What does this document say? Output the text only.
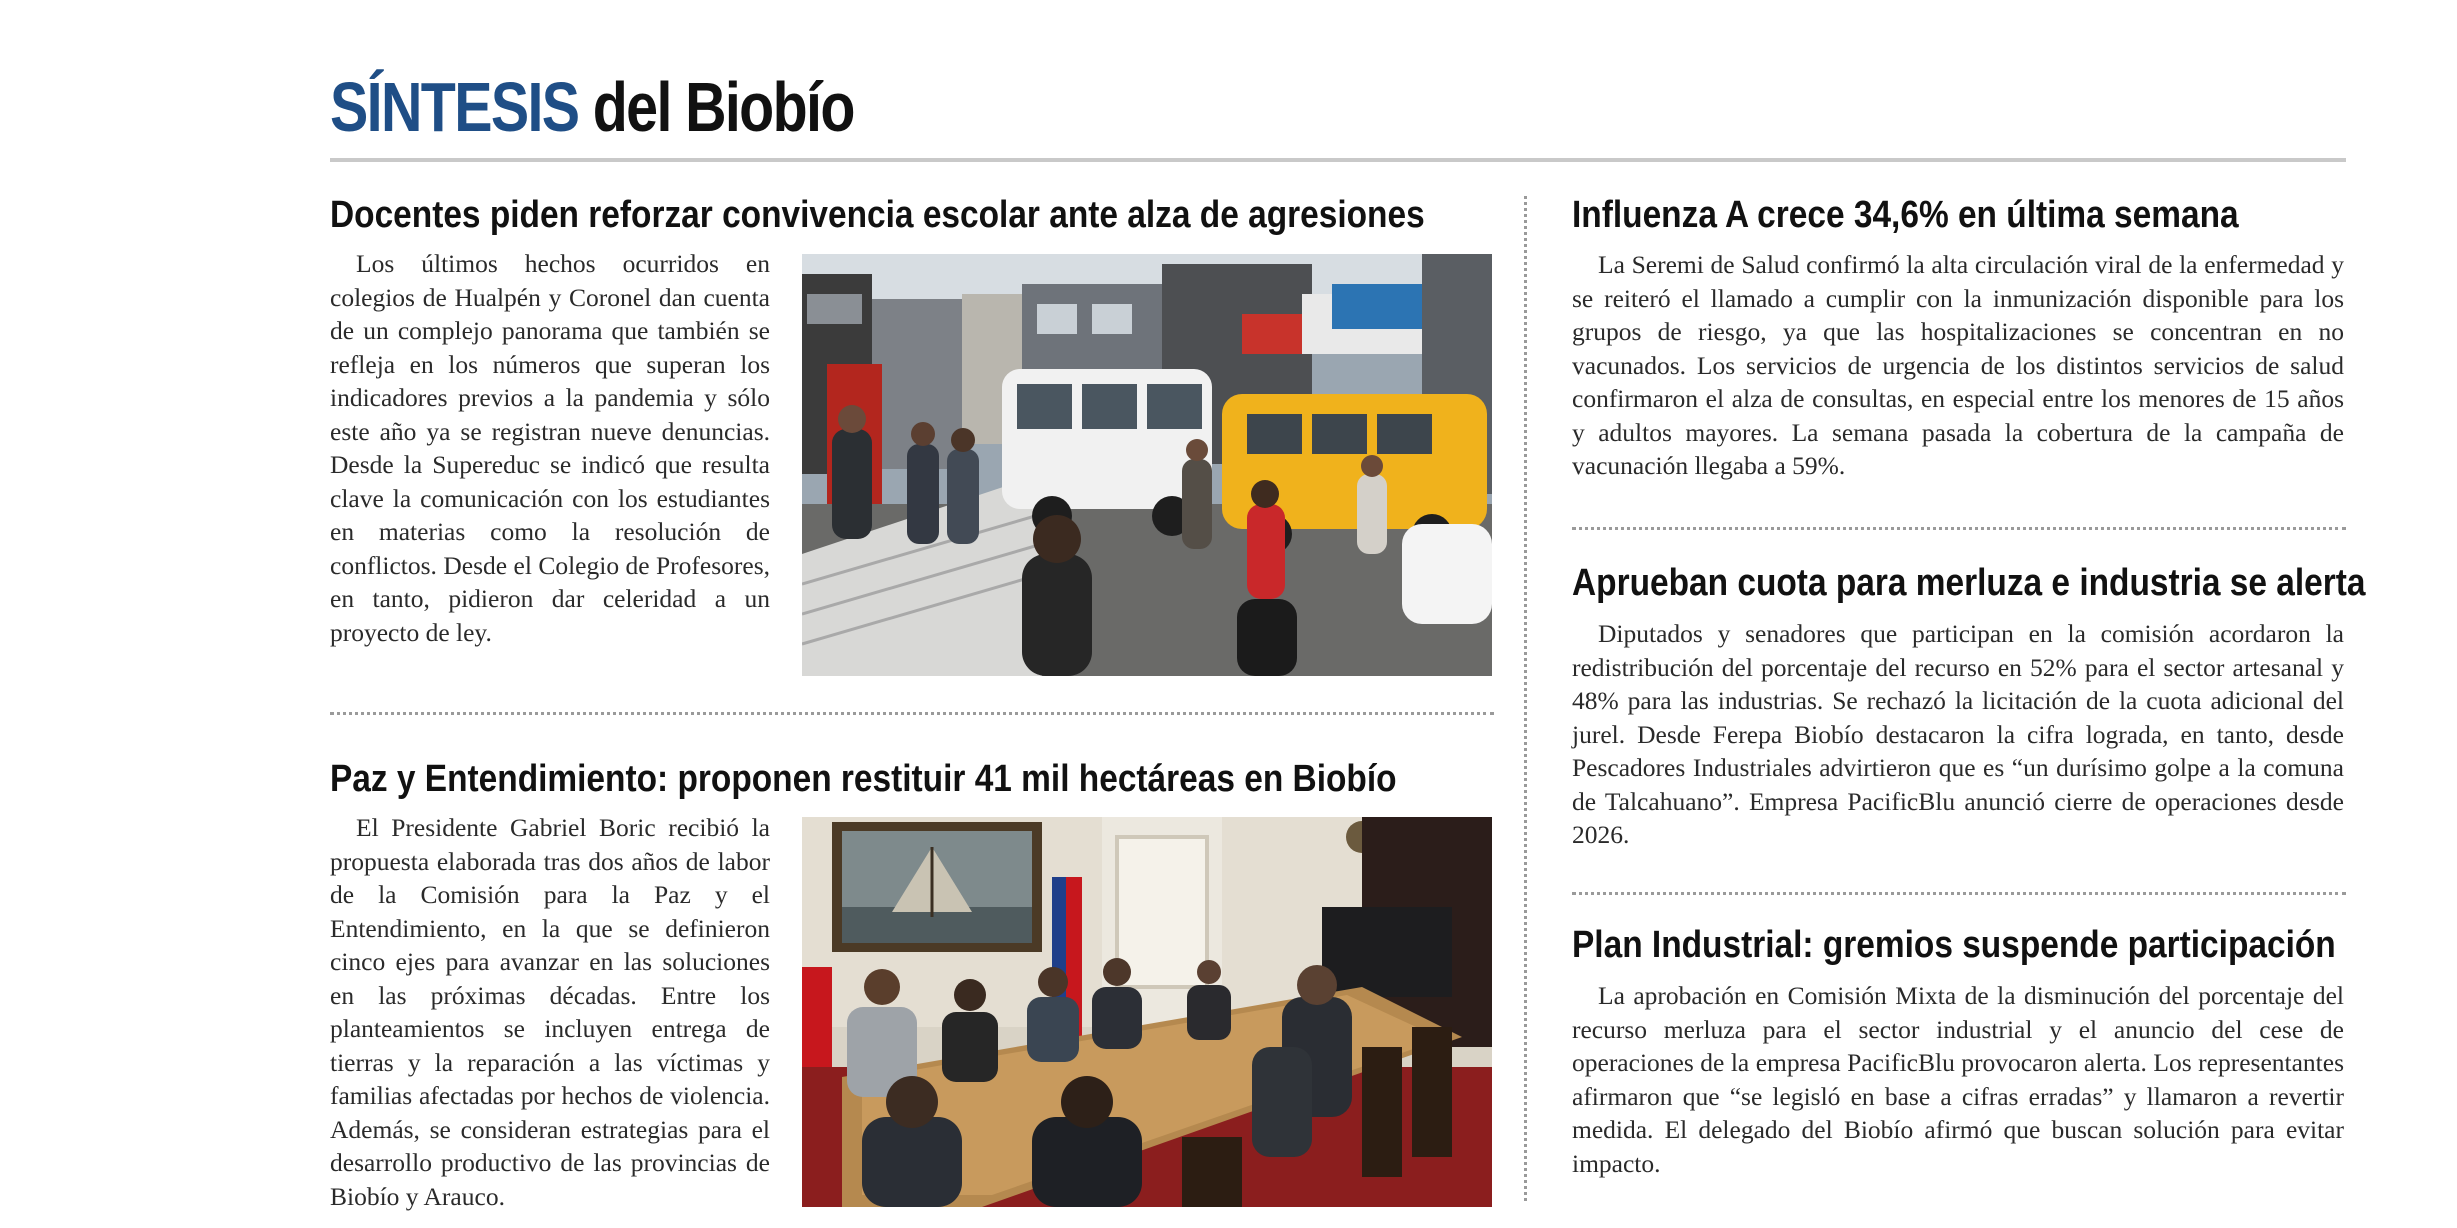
SÍNTESIS del Biobío
Docentes piden reforzar convivencia escolar ante alza de agresiones

Los últimos hechos ocurridos en colegios de Hualpén y Coronel dan cuenta de un complejo panorama que también se refleja en los números que superan los indicadores previos a la pandemia y sólo este año ya se registran nueve denuncias. Desde la Supereduc se indicó que resulta clave la comunicación con los estudiantes en materias como la resolución de conflictos. Desde el Colegio de Profesores, en tanto, pidieron dar celeridad a un proyecto de ley.

Paz y Entendimiento: proponen restituir 41 mil hectáreas en Biobío

El Presidente Gabriel Boric recibió la propuesta elaborada tras dos años de labor de la Comisión para la Paz y el Entendimiento, en la que se definieron cinco ejes para avanzar en las soluciones en las próximas décadas. Entre los planteamientos se incluyen entrega de tierras y la reparación a las víctimas y familias afectadas por hechos de violencia. Además, se consideran estrategias para el desarrollo productivo de las provincias de Biobío y Arauco.

Influenza A crece 34,6% en última semana

La Seremi de Salud confirmó la alta circulación viral de la enfermedad y se reiteró el llamado a cumplir con la inmunización disponible para los grupos de riesgo, ya que las hospitalizaciones se concentran en no vacunados. Los servicios de urgencia de los distintos servicios de salud confirmaron el alza de consultas, en especial entre los menores de 15 años y adultos mayores. La semana pasada la cobertura de la campaña de vacunación llegaba a 59%.

Aprueban cuota para merluza e industria se alerta

Diputados y senadores que participan en la comisión acordaron la redistribución del porcentaje del recurso en 52% para el sector artesanal y 48% para las industrias. Se rechazó la licitación de la cuota adicional del jurel. Desde Ferepa Biobío destacaron la cifra lograda, en tanto, desde Pescadores Industriales advirtieron que es “un durísimo golpe a la comuna de Talcahuano”. Empresa PacificBlu anunció cierre de operaciones desde 2026.

Plan Industrial: gremios suspende participación

La aprobación en Comisión Mixta de la disminución del porcentaje del recurso merluza para el sector industrial y el anuncio del cese de operaciones de la empresa PacificBlu provocaron alerta. Los representantes afirmaron que “se legisló en base a cifras erradas” y llamaron a revertir medida. El delegado del Biobío afirmó que buscan solución para evitar impacto.
